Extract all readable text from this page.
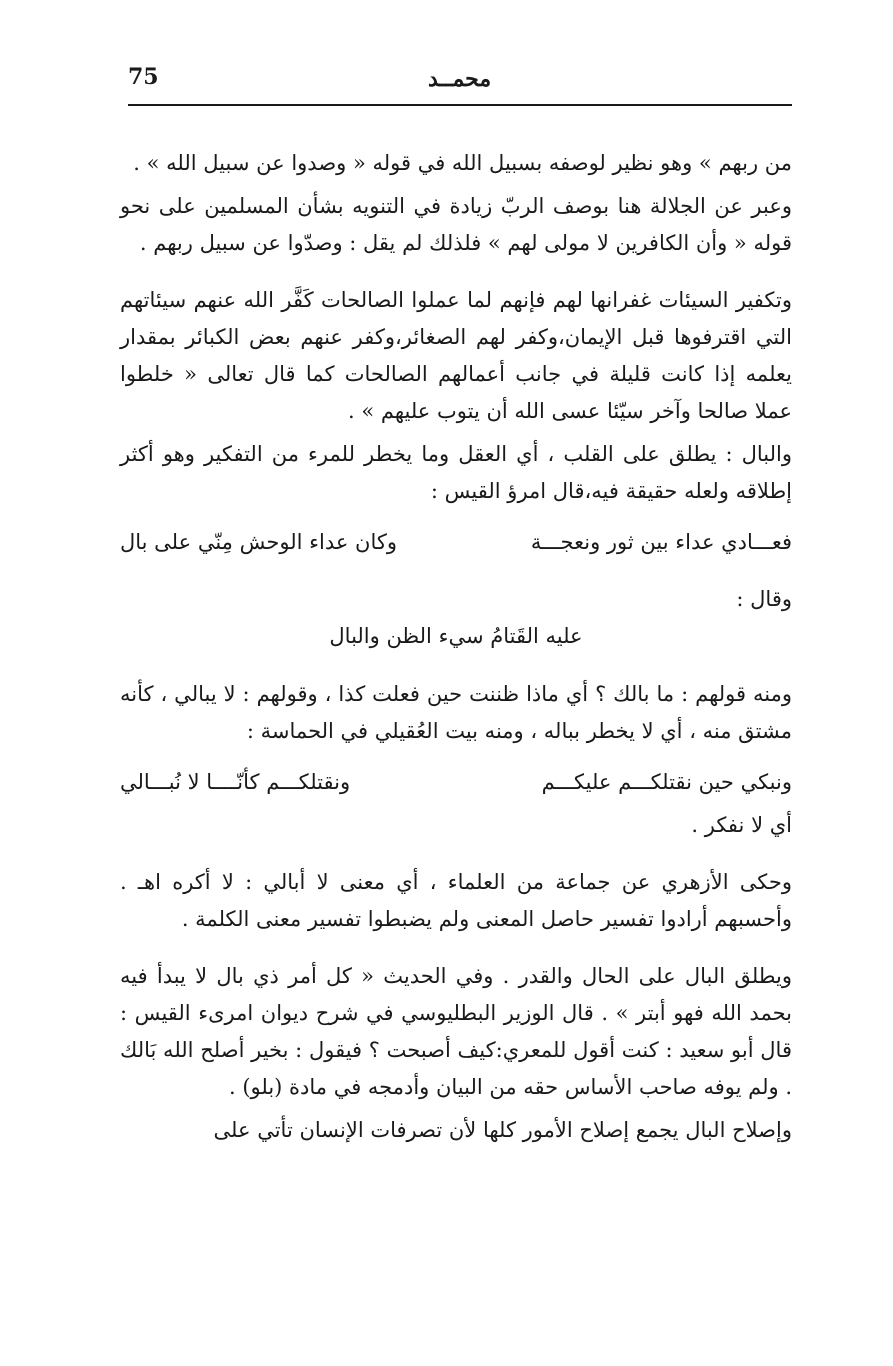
75	محمــد

من ربهم » وهو نظير لوصفه بسبيل الله في قوله « وصدوا عن سبيل الله » .

وعبر عن الجلالة هنا بوصف الربّ زيادة في التنويه بشأن المسلمين على نحو قوله « وأن الكافرين لا مولى لهم » فلذلك لم يقل : وصدّوا عن سبيل ربهم .

وتكفير السيئات غفرانها لهم فإنهم لما عملوا الصالحات كَفَّر الله عنهم سيئاتهم التي اقترفوها قبل الإيمان،وكفر لهم الصغائر،وكفر عنهم بعض الكبائر بمقدار يعلمه إذا كانت قليلة في جانب أعمالهم الصالحات كما قال تعالى « خلطوا عملا صالحا وآخر سيّئا عسى الله أن يتوب عليهم » .

والبال : يطلق على القلب ، أي العقل وما يخطر للمرء من التفكير وهو أكثر إطلاقه ولعله حقيقة فيه،قال امرؤ القيس :

فعـــادي عداء بين ثور ونعجـــة
وكان عداء الوحش مِنّي على بال

وقال :

عليه القَتامُ سيء الظن والبال

ومنه قولهم : ما بالك ؟ أي ماذا ظننت حين فعلت كذا ، وقولهم : لا يبالي ، كأنه مشتق منه ، أي لا يخطر بباله ، ومنه بيت العُقيلي في الحماسة :

ونبكي حين نقتلكـــم عليكـــم
ونقتلكـــم كأنّــــا لا نُبـــالي

أي لا نفكر .

وحكى الأزهري عن جماعة من العلماء ، أي معنى لا أبالي : لا أكره اهـ . وأحسبهم أرادوا تفسير حاصل المعنى ولم يضبطوا تفسير معنى الكلمة .

ويطلق البال على الحال والقدر . وفي الحديث « كل أمر ذي بال لا يبدأ فيه بحمد الله فهو أبتر » . قال الوزير البطليوسي في شرح ديوان امرىء القيس : قال أبو سعيد : كنت أقول للمعري:كيف أصبحت ؟ فيقول : بخير أصلح الله بَالك . ولم يوفه صاحب الأساس حقه من البيان وأدمجه في مادة (بلو) .

وإصلاح البال يجمع إصلاح الأمور كلها لأن تصرفات الإنسان تأتي على
